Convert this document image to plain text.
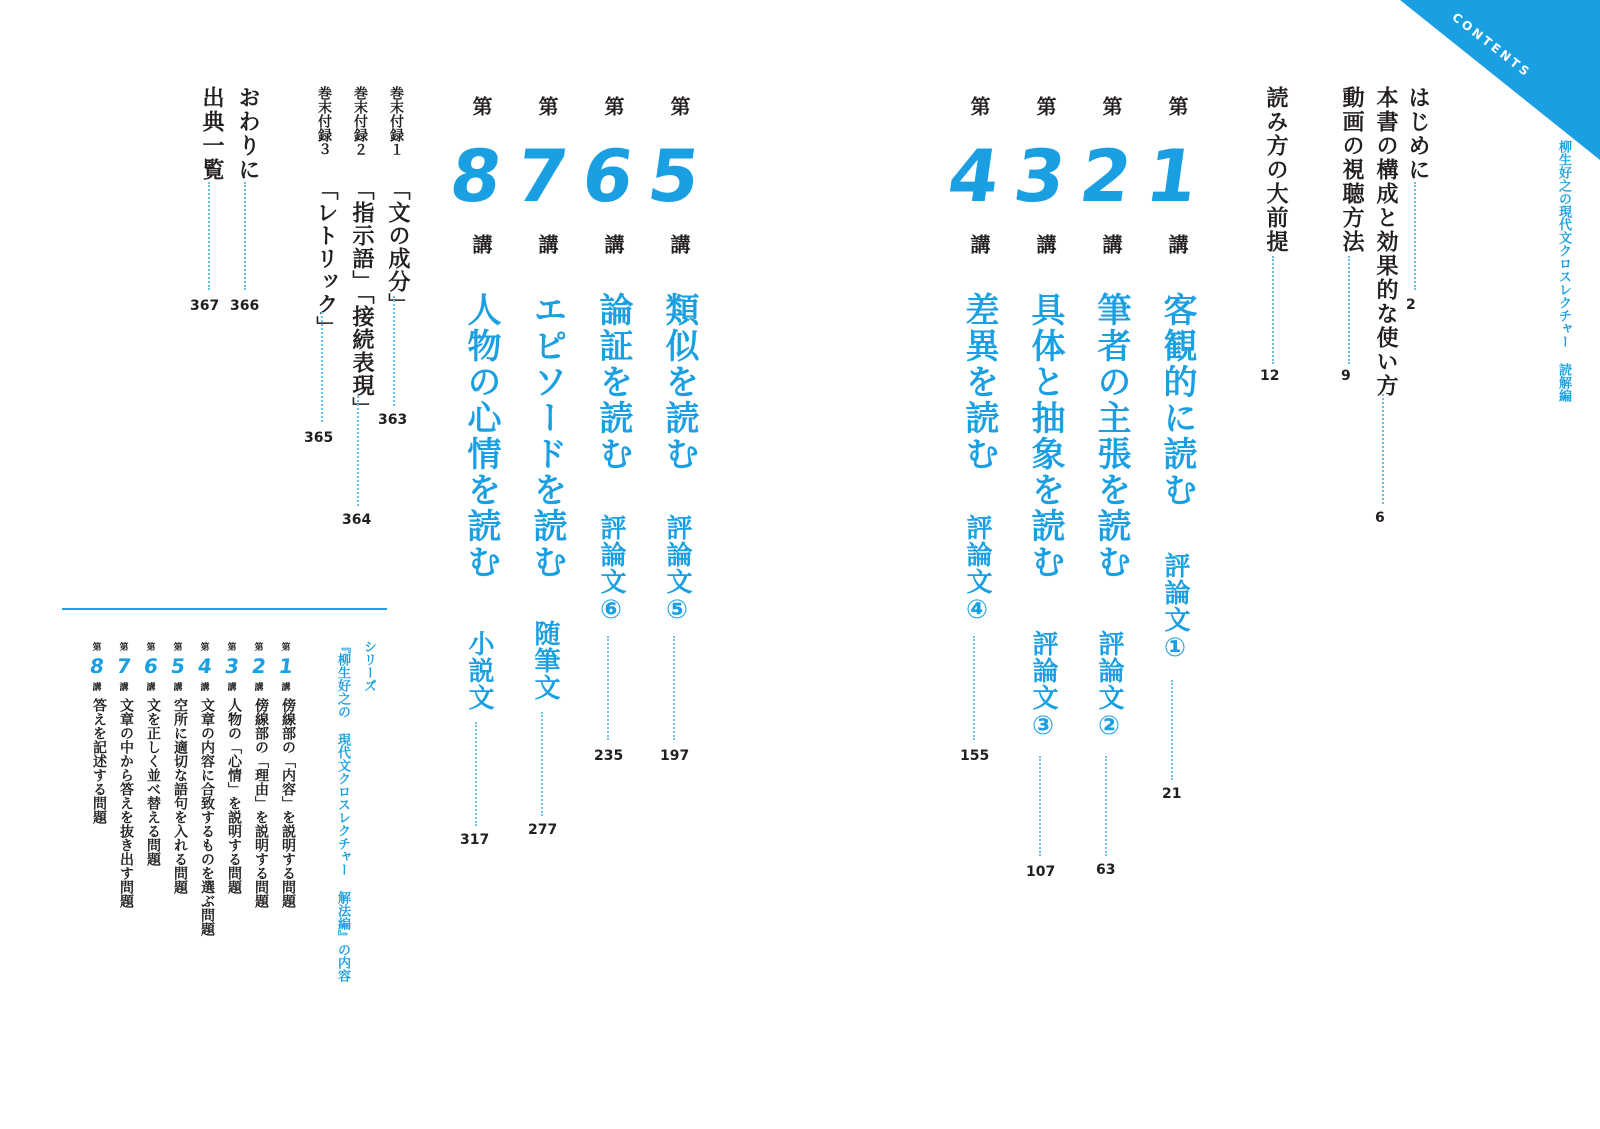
CONTENTS
柳生好之の現代文クロスレクチャー 読解編
はじめに
2
本書の構成と効果的な使い方
6
動画の視聴方法
9
読み方の大前提
12
第
1
講
客観的に読む
評論文①
21
第
2
講
筆者の主張を読む
評論文②
63
第
3
講
具体と抽象を読む
評論文③
107
第
4
講
差異を読む
評論文④
155
第
5
講
類似を読む
評論文⑤
197
第
6
講
論証を読む
評論文⑥
235
第
7
講
エピソードを読む
随筆文
277
第
8
講
人物の心情を読む
小説文
317
巻末付録１
「文の成分」
363
巻末付録２
「指示語」「接続表現」
364
巻末付録３
「レトリック」
365
おわりに
366
出典一覧
367
シリーズ
『柳生好之の 現代文クロスレクチャー 解法編』の内容
第
1
講
傍線部の「内容」を説明する問題
第
2
講
傍線部の「理由」を説明する問題
第
3
講
人物の「心情」を説明する問題
第
4
講
文章の内容に合致するものを選ぶ問題
第
5
講
空所に適切な語句を入れる問題
第
6
講
文を正しく並べ替える問題
第
7
講
文章の中から答えを抜き出す問題
第
8
講
答えを記述する問題
